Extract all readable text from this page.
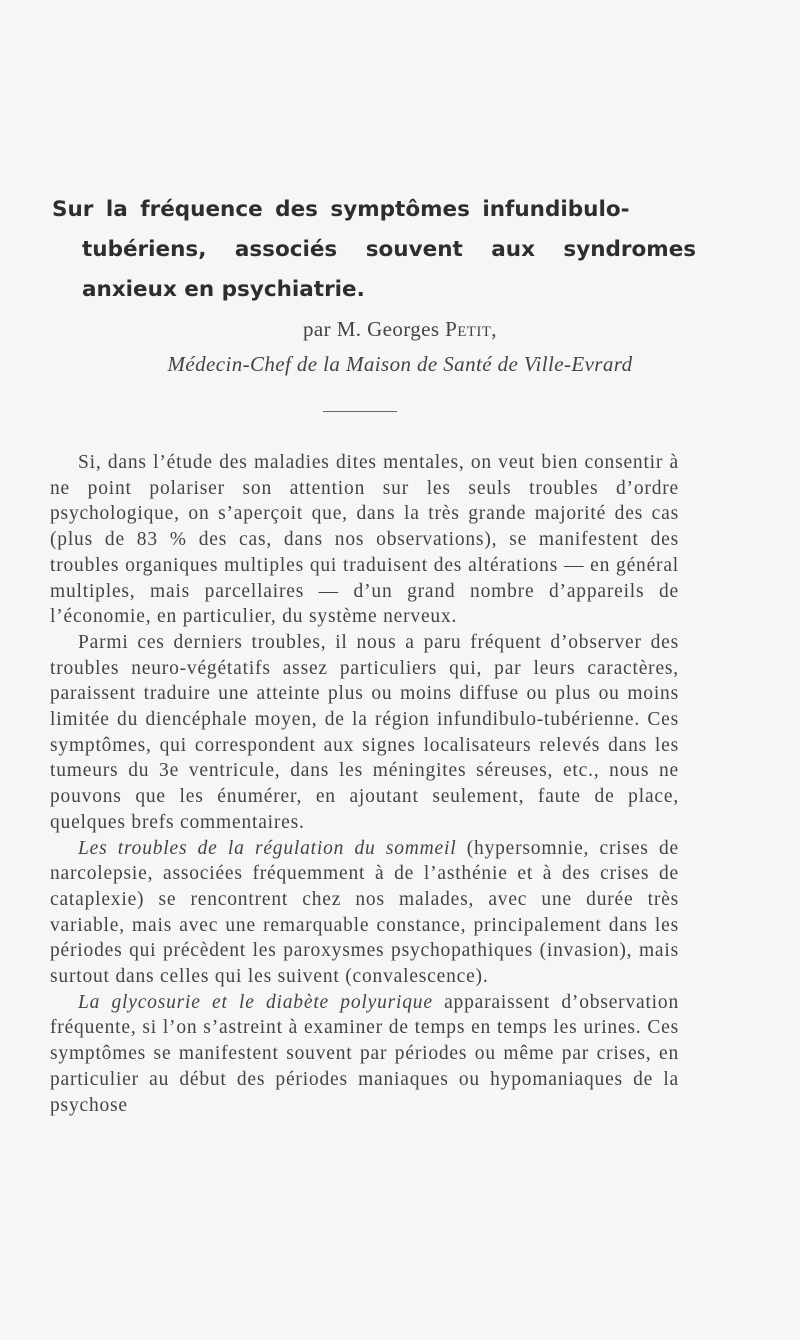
Sur la fréquence des symptômes infundibulo-
tubériens, associés souvent aux syndromes
anxieux en psychiatrie.
par M. Georges Petit,
Médecin-Chef de la Maison de Santé de Ville-Evrard

Si, dans l’étude des maladies dites mentales, on veut bien consentir à ne point polariser son attention sur les seuls troubles d’ordre psychologique, on s’aperçoit que, dans la très grande majorité des cas (plus de 83 % des cas, dans nos observations), se manifestent des troubles organiques multiples qui traduisent des altérations — en général multiples, mais parcellaires — d’un grand nombre d’appareils de l’économie, en particulier, du système nerveux.

Parmi ces derniers troubles, il nous a paru fréquent d’observer des troubles neuro-végétatifs assez particuliers qui, par leurs caractères, paraissent traduire une atteinte plus ou moins diffuse ou plus ou moins limitée du diencéphale moyen, de la région infundibulo-tubérienne. Ces symptômes, qui correspondent aux signes localisateurs relevés dans les tumeurs du 3e ventricule, dans les méningites séreuses, etc., nous ne pouvons que les énumérer, en ajoutant seulement, faute de place, quelques brefs commentaires.

Les troubles de la régulation du sommeil (hypersomnie, crises de narcolepsie, associées fréquemment à de l’asthénie et à des crises de cataplexie) se rencontrent chez nos malades, avec une durée très variable, mais avec une remarquable constance, principalement dans les périodes qui précèdent les paroxysmes psychopathiques (invasion), mais surtout dans celles qui les suivent (convalescence).

La glycosurie et le diabète polyurique apparaissent d’observation fréquente, si l’on s’astreint à examiner de temps en temps les urines. Ces symptômes se manifestent souvent par périodes ou même par crises, en particulier au début des périodes maniaques ou hypomaniaques de la psychose
